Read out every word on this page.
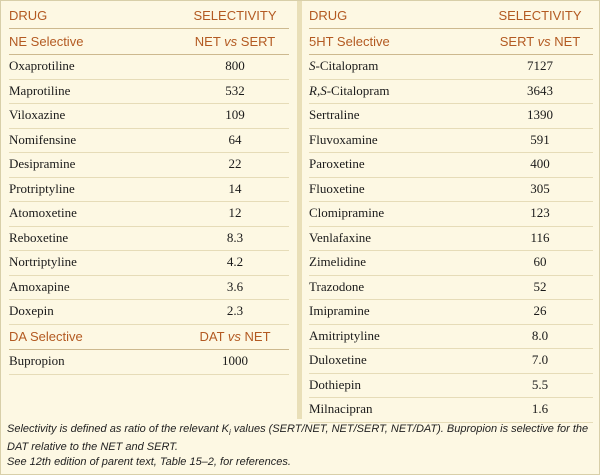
DRUG	SELECTIVITY
NE Selective	NET vs SERT
Oxaprotiline	800
Maprotiline	532
Viloxazine	109
Nomifensine	64
Desipramine	22
Protriptyline	14
Atomoxetine	12
Reboxetine	8.3
Nortriptyline	4.2
Amoxapine	3.6
Doxepin	2.3
DA Selective	DAT vs NET
Bupropion	1000
DRUG	SELECTIVITY
5HT Selective	SERT vs NET
S-Citalopram	7127
R,S-Citalopram	3643
Sertraline	1390
Fluvoxamine	591
Paroxetine	400
Fluoxetine	305
Clomipramine	123
Venlafaxine	116
Zimelidine	60
Trazodone	52
Imipramine	26
Amitriptyline	8.0
Duloxetine	7.0
Dothiepin	5.5
Milnacipran	1.6

Selectivity is defined as ratio of the relevant $K_i$ values (SERT/NET, NET/SERT, NET/DAT). Bupropion is selective for the DAT relative to the NET and SERT.

See 12th edition of parent text, Table 15–2, for references.
